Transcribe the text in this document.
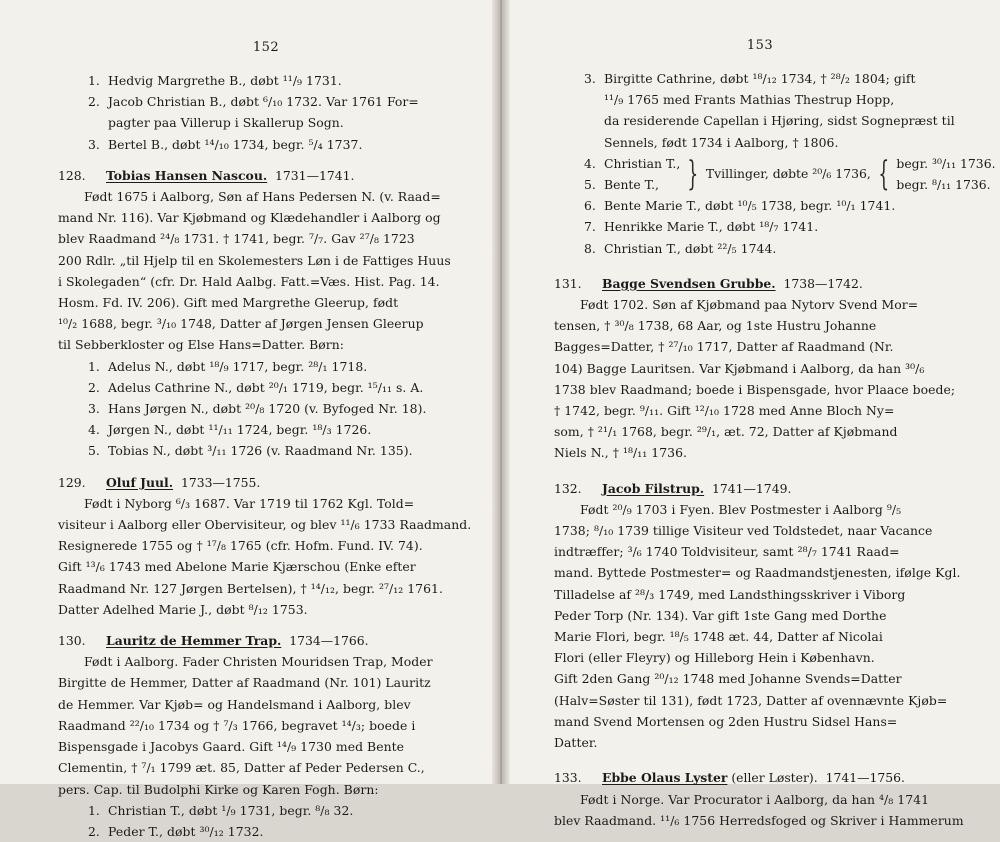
152
1. Hedvig Margrethe B., døbt ¹¹/₉ 1731.
2. Jacob Christian B., døbt ⁶/₁₀ 1732. Var 1761 For=
pagter paa Villerup i Skallerup Sogn.
3. Bertel B., døbt ¹⁴/₁₀ 1734, begr. ⁵/₄ 1737.
128. Tobias Hansen Nascou. 1731—1741.
Født 1675 i Aalborg, Søn af Hans Pedersen N. (v. Raad=
mand Nr. 116). Var Kjøbmand og Klædehandler i Aalborg og
blev Raadmand ²⁴/₈ 1731. † 1741, begr. ⁷/₇. Gav ²⁷/₈ 1723
200 Rdlr. „til Hjelp til en Skolemesters Løn i de Fattiges Huus
i Skolegaden“ (cfr. Dr. Hald Aalbg. Fatt.=Væs. Hist. Pag. 14.
Hosm. Fd. IV. 206). Gift med Margrethe Gleerup, født
¹⁰/₂ 1688, begr. ³/₁₀ 1748, Datter af Jørgen Jensen Gleerup
til Sebberkloster og Else Hans=Datter. Børn:
1. Adelus N., døbt ¹⁸/₉ 1717, begr. ²⁸/₁ 1718.
2. Adelus Cathrine N., døbt ²⁰/₁ 1719, begr. ¹⁵/₁₁ s. A.
3. Hans Jørgen N., døbt ²⁰/₈ 1720 (v. Byfoged Nr. 18).
4. Jørgen N., døbt ¹¹/₁₁ 1724, begr. ¹⁸/₃ 1726.
5. Tobias N., døbt ³/₁₁ 1726 (v. Raadmand Nr. 135).
129. Oluf Juul. 1733—1755.
Født i Nyborg ⁶/₃ 1687. Var 1719 til 1762 Kgl. Told=
visiteur i Aalborg eller Obervisiteur, og blev ¹¹/₆ 1733 Raadmand.
Resignerede 1755 og † ¹⁷/₈ 1765 (cfr. Hofm. Fund. IV. 74).
Gift ¹³/₆ 1743 med Abelone Marie Kjærschou (Enke efter
Raadmand Nr. 127 Jørgen Bertelsen), † ¹⁴/₁₂, begr. ²⁷/₁₂ 1761.
Datter Adelhed Marie J., døbt ⁸/₁₂ 1753.
130. Lauritz de Hemmer Trap. 1734—1766.
Født i Aalborg. Fader Christen Mouridsen Trap, Moder
Birgitte de Hemmer, Datter af Raadmand (Nr. 101) Lauritz
de Hemmer. Var Kjøb= og Handelsmand i Aalborg, blev
Raadmand ²²/₁₀ 1734 og † ⁷/₃ 1766, begravet ¹⁴/₃; boede i
Bispensgade i Jacobys Gaard. Gift ¹⁴/₉ 1730 med Bente
Clementin, † ⁷/₁ 1799 æt. 85, Datter af Peder Pedersen C.,
pers. Cap. til Budolphi Kirke og Karen Fogh. Børn:
1. Christian T., døbt ¹/₉ 1731, begr. ⁸/₈ 32.
2. Peder T., døbt ³⁰/₁₂ 1732.
153
3. Birgitte Cathrine, døbt ¹⁸/₁₂ 1734, † ²⁸/₂ 1804; gift
¹¹/₉ 1765 med Frants Mathias Thestrup Hopp,
da residerende Capellan i Hjøring, sidst Sognepræst til
Sennels, født 1734 i Aalborg, † 1806.
4. Christian T.,
5. Bente T., } Tvillinger, døbte ²⁰/₆ 1736, { begr. ³⁰/₁₁ 1736.
begr. ⁸/₁₁ 1736.
6. Bente Marie T., døbt ¹⁰/₅ 1738, begr. ¹⁰/₁ 1741.
7. Henrikke Marie T., døbt ¹⁸/₇ 1741.
8. Christian T., døbt ²²/₅ 1744.
131. Bagge Svendsen Grubbe. 1738—1742.
Født 1702. Søn af Kjøbmand paa Nytorv Svend Mor=
tensen, † ³⁰/₈ 1738, 68 Aar, og 1ste Hustru Johanne
Bagges=Datter, † ²⁷/₁₀ 1717, Datter af Raadmand (Nr.
104) Bagge Lauritsen. Var Kjøbmand i Aalborg, da han ³⁰/₆
1738 blev Raadmand; boede i Bispensgade, hvor Plaace boede;
† 1742, begr. ⁹/₁₁. Gift ¹²/₁₀ 1728 med Anne Bloch Ny=
som, † ²¹/₁ 1768, begr. ²⁹/₁, æt. 72, Datter af Kjøbmand
Niels N., † ¹⁸/₁₁ 1736.
132. Jacob Filstrup. 1741—1749.
Født ²⁰/₉ 1703 i Fyen. Blev Postmester i Aalborg ⁹/₅
1738; ⁸/₁₀ 1739 tillige Visiteur ved Toldstedet, naar Vacance
indtræffer; ³/₆ 1740 Toldvisiteur, samt ²⁸/₇ 1741 Raad=
mand. Byttede Postmester= og Raadmandstjenesten, ifølge Kgl.
Tilladelse af ²⁸/₃ 1749, med Landsthingsskriver i Viborg
Peder Torp (Nr. 134). Var gift 1ste Gang med Dorthe
Marie Flori, begr. ¹⁸/₅ 1748 æt. 44, Datter af Nicolai
Flori (eller Fleyry) og Hilleborg Hein i København.
Gift 2den Gang ²⁰/₁₂ 1748 med Johanne Svends=Datter
(Halv=Søster til 131), født 1723, Datter af ovennævnte Kjøb=
mand Svend Mortensen og 2den Hustru Sidsel Hans=
Datter.
133. Ebbe Olaus Lyster (eller Løster). 1741—1756.
Født i Norge. Var Procurator i Aalborg, da han ⁴/₈ 1741
blev Raadmand. ¹¹/₆ 1756 Herredsfoged og Skriver i Hammerum
